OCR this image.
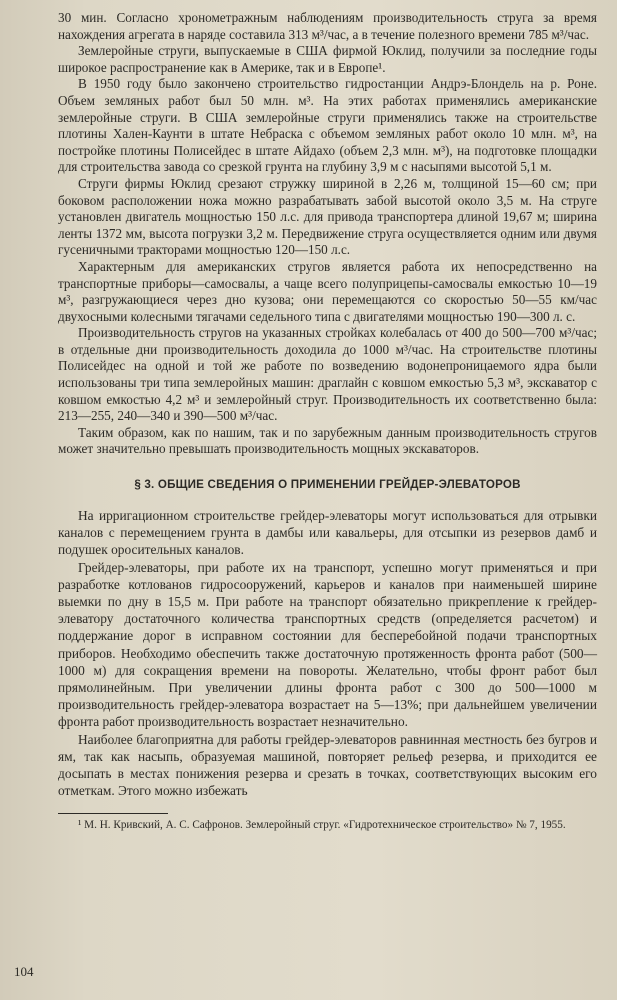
30 мин. Согласно хронометражным наблюдениям производительность струга за время нахождения агрегата в наряде составила 313 м³/час, а в течение полезного времени 785 м³/час.

Землеройные струги, выпускаемые в США фирмой Юклид, получили за последние годы широкое распространение как в Америке, так и в Европе¹.

В 1950 году было закончено строительство гидростанции Андрэ-Блондель на р. Роне. Объем земляных работ был 50 млн. м³. На этих работах применялись американские землеройные струги. В США землеройные струги применялись также на строительстве плотины Хален-Каунти в штате Небраска с объемом земляных работ около 10 млн. м³, на постройке плотины Полисейдес в штате Айдахо (объем 2,3 млн. м³), на подготовке площадки для строительства завода со срезкой грунта на глубину 3,9 м с насыпями высотой 5,1 м.

Струги фирмы Юклид срезают стружку шириной в 2,26 м, толщиной 15—60 см; при боковом расположении ножа можно разрабатывать забой высотой около 3,5 м. На струге установлен двигатель мощностью 150 л.с. для привода транспортера длиной 19,67 м; ширина ленты 1372 мм, высота погрузки 3,2 м. Передвижение струга осуществляется одним или двумя гусеничными тракторами мощностью 120—150 л.с.

Характерным для американских стругов является работа их непосредственно на транспортные приборы—самосвалы, а чаще всего полуприцепы-самосвалы емкостью 10—19 м³, разгружающиеся через дно кузова; они перемещаются со скоростью 50—55 км/час двухосными колесными тягачами седельного типа с двигателями мощностью 190—300 л. с.

Производительность стругов на указанных стройках колебалась от 400 до 500—700 м³/час; в отдельные дни производительность доходила до 1000 м³/час. На строительстве плотины Полисейдес на одной и той же работе по возведению водонепроницаемого ядра были использованы три типа землеройных машин: драглайн с ковшом емкостью 5,3 м³, экскаватор с ковшом емкостью 4,2 м³ и землеройный струг. Производительность их соответственно была: 213—255, 240—340 и 390—500 м³/час.

Таким образом, как по нашим, так и по зарубежным данным производительность стругов может значительно превышать производительность мощных экскаваторов.

§ 3. ОБЩИЕ СВЕДЕНИЯ О ПРИМЕНЕНИИ ГРЕЙДЕР-ЭЛЕВАТОРОВ

На ирригационном строительстве грейдер-элеваторы могут использоваться для отрывки каналов с перемещением грунта в дамбы или кавальеры, для отсыпки из резервов дамб и подушек оросительных каналов.

Грейдер-элеваторы, при работе их на транспорт, успешно могут применяться и при разработке котлованов гидросооружений, карьеров и каналов при наименьшей ширине выемки по дну в 15,5 м. При работе на транспорт обязательно прикрепление к грейдер-элеватору достаточного количества транспортных средств (определяется расчетом) и поддержание дорог в исправном состоянии для бесперебойной подачи транспортных приборов. Необходимо обеспечить также достаточную протяженность фронта работ (500—1000 м) для сокращения времени на повороты. Желательно, чтобы фронт работ был прямолинейным. При увеличении длины фронта работ с 300 до 500—1000 м производительность грейдер-элеватора возрастает на 5—13%; при дальнейшем увеличении фронта работ производительность возрастает незначительно.

Наиболее благоприятна для работы грейдер-элеваторов равнинная местность без бугров и ям, так как насыпь, образуемая машиной, повторяет рельеф резерва, и приходится ее досыпать в местах понижения резерва и срезать в точках, соответствующих высоким его отметкам. Этого можно избежать

¹ М. Н. Кривский, А. С. Сафронов. Землеройный струг. «Гидротехническое строительство» № 7, 1955.

104
